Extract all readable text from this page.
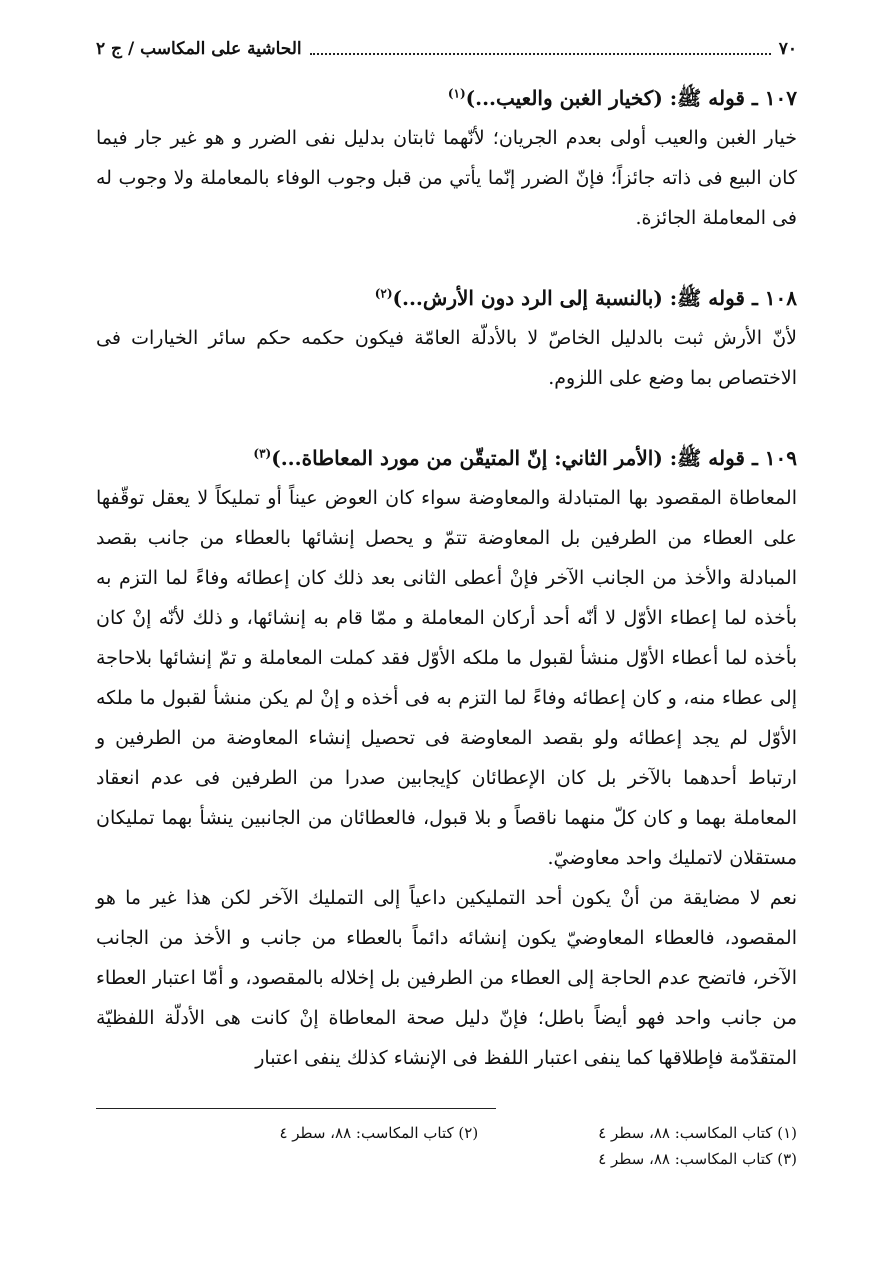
٧٠
الحاشية على المكاسب / ج ٢

١٠٧ ـ قوله ﷺ: (كخيار الغبن والعيب...)$^{(١)}$

خيار الغبن والعيب أولى بعدم الجريان؛ لأنّهما ثابتان بدليل نفى الضرر و هو غير جار فيما كان البيع فى ذاته جائزاً؛ فإنّ الضرر إنّما يأتي من قبل وجوب الوفاء بالمعاملة ولا وجوب له فى المعاملة الجائزة.

١٠٨ ـ قوله ﷺ: (بالنسبة إلى الرد دون الأرش...)$^{(٢)}$

لأنّ الأرش ثبت بالدليل الخاصّ لا بالأدلّة العامّة فيكون حكمه حكم سائر الخيارات فى الاختصاص بما وضع على اللزوم.

١٠٩ ـ قوله ﷺ: (الأمر الثاني: إنّ المتيقّن من مورد المعاطاة...)$^{(٣)}$

المعاطاة المقصود بها المتبادلة والمعاوضة سواء كان العوض عيناً أو تمليكاً لا يعقل توقّفها على العطاء من الطرفين بل المعاوضة تتمّ و يحصل إنشائها بالعطاء من جانب بقصد المبادلة والأخذ من الجانب الآخر فإنْ أعطى الثانى بعد ذلك كان إعطائه وفاءً لما التزم به بأخذه لما إعطاء الأوّل لا أنّه أحد أركان المعاملة و ممّا قام به إنشائها، و ذلك لأنّه إنْ كان بأخذه لما أعطاء الأوّل منشأ لقبول ما ملكه الأوّل فقد كملت المعاملة و تمّ إنشائها بلاحاجة إلى عطاء منه، و كان إعطائه وفاءً لما التزم به فى أخذه و إنْ لم يكن منشأ لقبول ما ملكه الأوّل لم يجد إعطائه ولو بقصد المعاوضة فى تحصيل إنشاء المعاوضة من الطرفين و ارتباط أحدهما بالآخر بل كان الإعطائان كإيجابين صدرا من الطرفين فى عدم انعقاد المعاملة بهما و كان كلّ منهما ناقصاً و بلا قبول، فالعطائان من الجانبين ينشأ بهما تمليكان مستقلان لاتمليك واحد معاوضيّ.

نعم لا مضايقة من أنْ يكون أحد التمليكين داعياً إلى التمليك الآخر لكن هذا غير ما هو المقصود، فالعطاء المعاوضيّ يكون إنشائه دائماً بالعطاء من جانب و الأخذ من الجانب الآخر، فاتضح عدم الحاجة إلى العطاء من الطرفين بل إخلاله بالمقصود، و أمّا اعتبار العطاء من جانب واحد فهو أيضاً باطل؛ فإنّ دليل صحة المعاطاة إنْ كانت هى الأدلّة اللفظيّة المتقدّمة فإطلاقها كما ينفى اعتبار اللفظ فى الإنشاء كذلك ينفى اعتبار

(١) كتاب المكاسب: ٨٨، سطر ٤
(٢) كتاب المكاسب: ٨٨، سطر ٤
(٣) كتاب المكاسب: ٨٨، سطر ٤
